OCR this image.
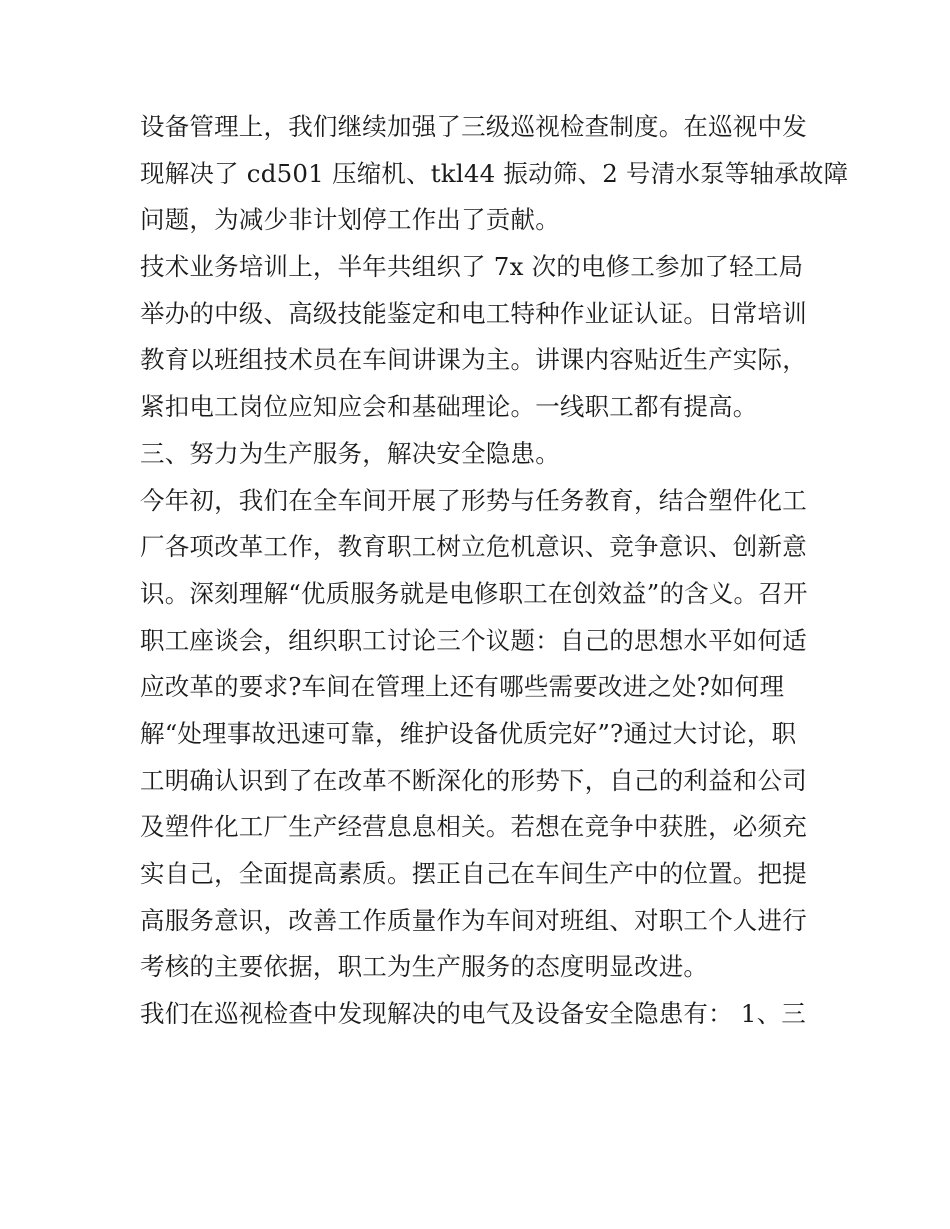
设备管理上，我们继续加强了三级巡视检查制度。在巡视中发
现解决了 cd501 压缩机、tkl44 振动筛、2 号清水泵等轴承故障
问题，为减少非计划停工作出了贡献。
技术业务培训上，半年共组织了 7x 次的电修工参加了轻工局
举办的中级、高级技能鉴定和电工特种作业证认证。日常培训
教育以班组技术员在车间讲课为主。讲课内容贴近生产实际，
紧扣电工岗位应知应会和基础理论。一线职工都有提高。
三、努力为生产服务，解决安全隐患。
今年初，我们在全车间开展了形势与任务教育，结合塑件化工
厂各项改革工作，教育职工树立危机意识、竞争意识、创新意
识。深刻理解“优质服务就是电修职工在创效益”的含义。召开
职工座谈会，组织职工讨论三个议题：自己的思想水平如何适
应改革的要求?车间在管理上还有哪些需要改进之处?如何理
解“处理事故迅速可靠，维护设备优质完好”?通过大讨论，职
工明确认识到了在改革不断深化的形势下，自己的利益和公司
及塑件化工厂生产经营息息相关。若想在竞争中获胜，必须充
实自己，全面提高素质。摆正自己在车间生产中的位置。把提
高服务意识，改善工作质量作为车间对班组、对职工个人进行
考核的主要依据，职工为生产服务的态度明显改进。
我们在巡视检查中发现解决的电气及设备安全隐患有： 1、三
